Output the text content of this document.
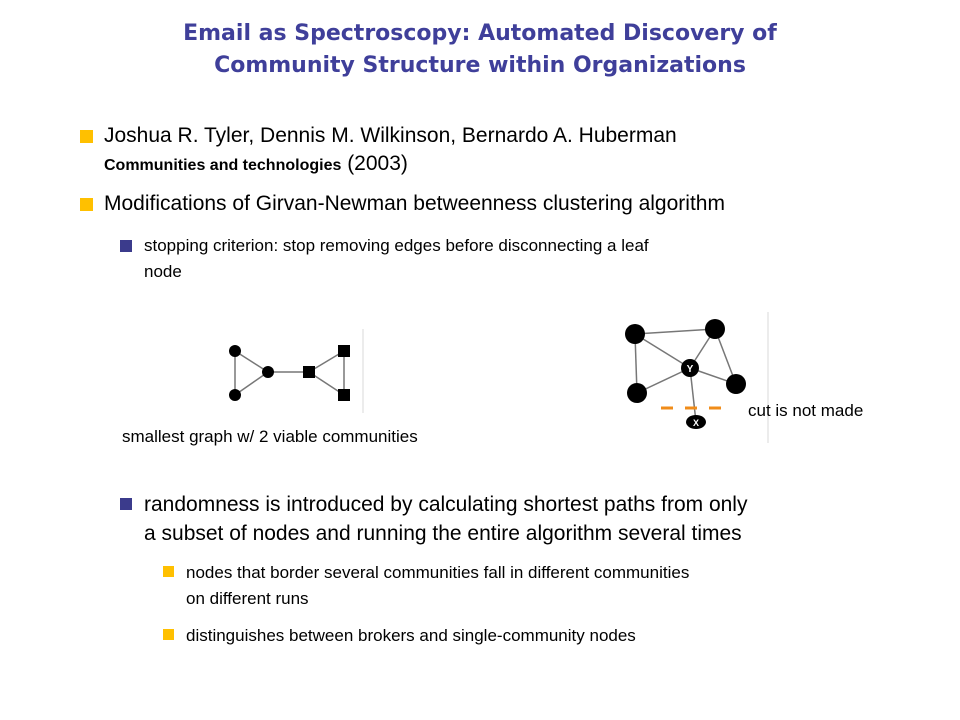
Email as Spectroscopy: Automated Discovery of
Community Structure within Organizations
Joshua R. Tyler, Dennis M. Wilkinson, Bernardo A. Huberman
Communities and technologies (2003)
Modifications of Girvan-Newman betweenness clustering algorithm
stopping criterion: stop removing edges before disconnecting a leaf
node
smallest graph w/ 2 viable communities
Y
X
cut is not made
randomness is introduced by calculating shortest paths from only
a subset of nodes and running the entire algorithm several times
nodes that border several communities fall in different communities
on different runs
distinguishes between brokers and single-community nodes
